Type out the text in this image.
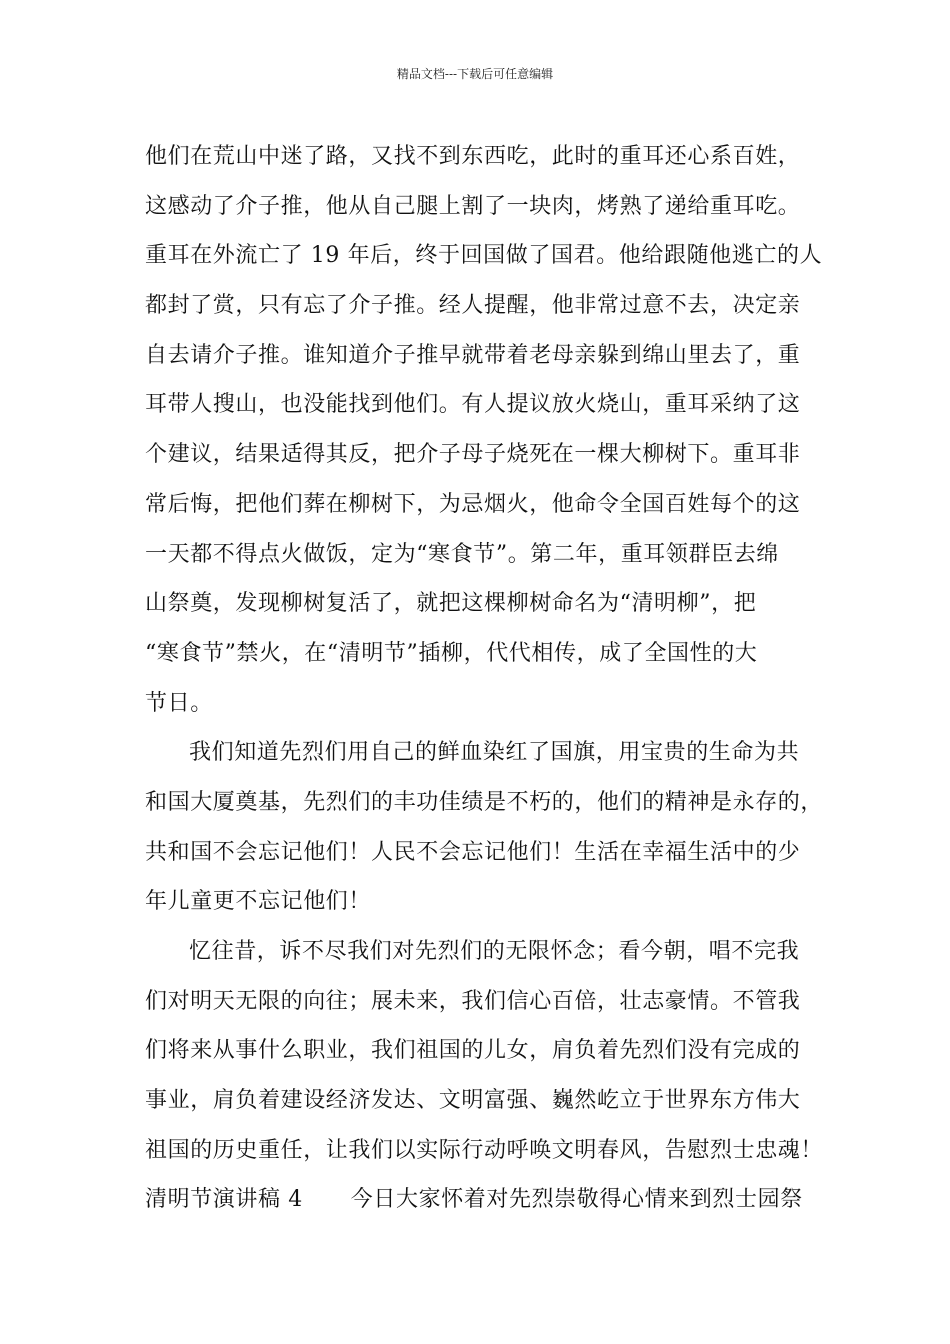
精品文档---下载后可任意编辑
他们在荒山中迷了路，又找不到东西吃，此时的重耳还心系百姓，
这感动了介子推，他从自己腿上割了一块肉，烤熟了递给重耳吃。
重耳在外流亡了 19 年后，终于回国做了国君。他给跟随他逃亡的人
都封了赏，只有忘了介子推。经人提醒，他非常过意不去，决定亲
自去请介子推。谁知道介子推早就带着老母亲躲到绵山里去了，重
耳带人搜山，也没能找到他们。有人提议放火烧山，重耳采纳了这
个建议，结果适得其反，把介子母子烧死在一棵大柳树下。重耳非
常后悔，把他们葬在柳树下，为忌烟火，他命令全国百姓每个的这
一天都不得点火做饭，定为“寒食节”。第二年，重耳领群臣去绵
山祭奠，发现柳树复活了，就把这棵柳树命名为“清明柳”，把
“寒食节”禁火，在“清明节”插柳，代代相传，成了全国性的大
节日。
我们知道先烈们用自己的鲜血染红了国旗，用宝贵的生命为共
和国大厦奠基，先烈们的丰功佳绩是不朽的，他们的精神是永存的，
共和国不会忘记他们！人民不会忘记他们！生活在幸福生活中的少
年儿童更不忘记他们！
忆往昔，诉不尽我们对先烈们的无限怀念；看今朝，唱不完我
们对明天无限的向往；展未来，我们信心百倍，壮志豪情。不管我
们将来从事什么职业，我们祖国的儿女，肩负着先烈们没有完成的
事业，肩负着建设经济发达、文明富强、巍然屹立于世界东方伟大
祖国的历史重任，让我们以实际行动呼唤文明春风，告慰烈士忠魂！
清明节演讲稿 4 今日大家怀着对先烈崇敬得心情来到烈士园祭
